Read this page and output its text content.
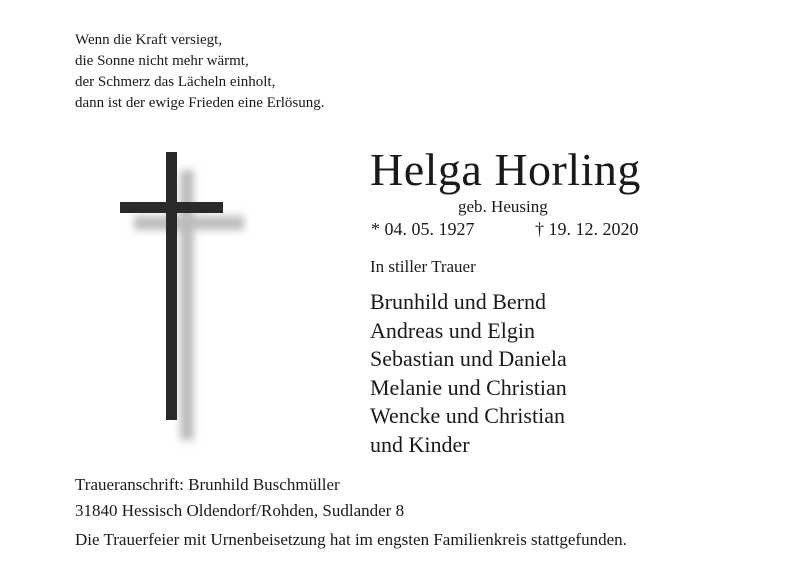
Wenn die Kraft versiegt,
die Sonne nicht mehr wärmt,
der Schmerz das Lächeln einholt,
dann ist der ewige Frieden eine Erlösung.
Helga Horling
geb. Heusing
* 04. 05. 1927	† 19. 12. 2020
In stiller Trauer
Brunhild und Bernd
Andreas und Elgin
Sebastian und Daniela
Melanie und Christian
Wencke und Christian
und Kinder
Traueranschrift: Brunhild Buschmüller
31840 Hessisch Oldendorf/Rohden, Sudlander 8
Die Trauerfeier mit Urnenbeisetzung hat im engsten Familienkreis stattgefunden.
